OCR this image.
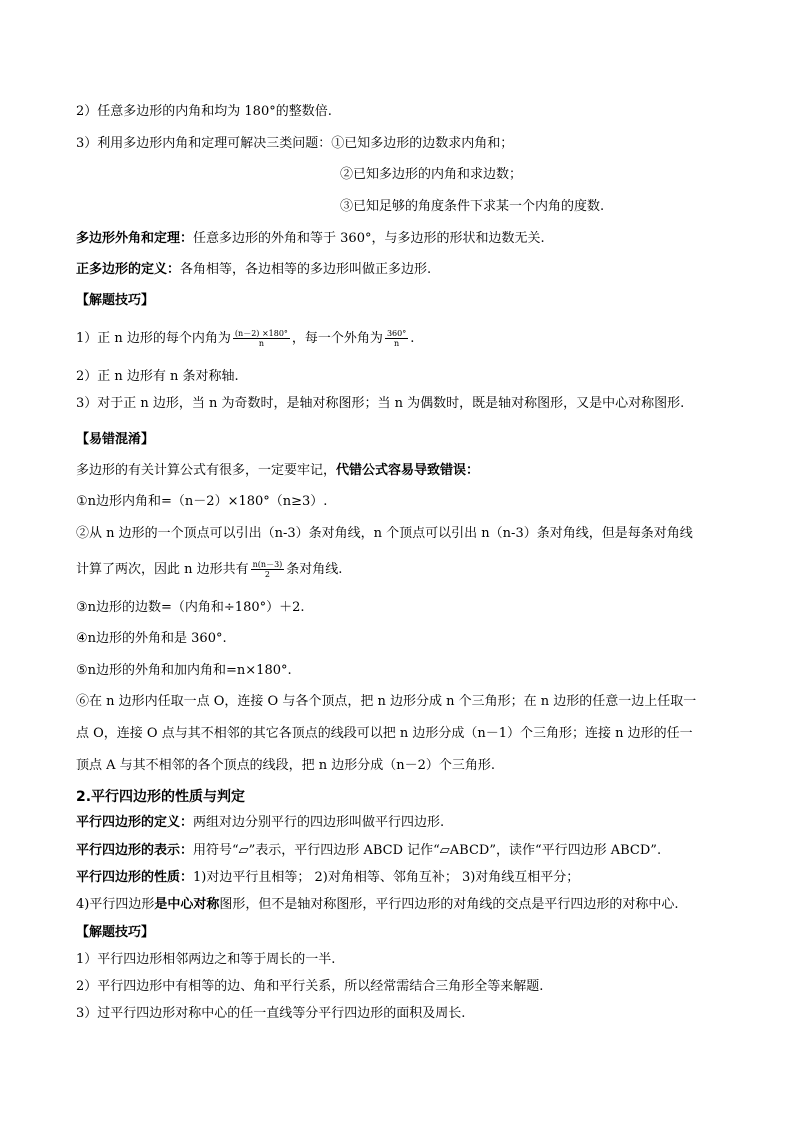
2）任意多边形的内角和均为 180°的整数倍.
3）利用多边形内角和定理可解决三类问题：①已知多边形的边数求内角和；
②已知多边形的内角和求边数；
③已知足够的角度条件下求某一个内角的度数.
多边形外角和定理：任意多边形的外角和等于 360°，与多边形的形状和边数无关.
正多边形的定义：各角相等，各边相等的多边形叫做正多边形.
【解题技巧】
1）正 n 边形的每个内角为 $\frac{(n-2) \times 180^\circ}{n}$ ，每一个外角为 $\frac{360^\circ}{n}$ .
2）正 n 边形有 n 条对称轴.
3）对于正 n 边形，当 n 为奇数时，是轴对称图形；当 n 为偶数时，既是轴对称图形，又是中心对称图形.
【易错混淆】
多边形的有关计算公式有很多，一定要牢记，代错公式容易导致错误：
①n边形内角和=（n－2）×180°（n≥3）.
②从 n 边形的一个顶点可以引出（n-3）条对角线，n 个顶点可以引出 n（n-3）条对角线，但是每条对角线
计算了两次，因此 n 边形共有 $\frac{n(n-3)}{2}$ 条对角线.
③n边形的边数=（内角和÷180°）＋2.
④n边形的外角和是 360°.
⑤n边形的外角和加内角和=n×180°.
⑥在 n 边形内任取一点 O，连接 O 与各个顶点，把 n 边形分成 n 个三角形；在 n 边形的任意一边上任取一
点 O，连接 O 点与其不相邻的其它各顶点的线段可以把 n 边形分成（n－1）个三角形；连接 n 边形的任一
顶点 A 与其不相邻的各个顶点的线段，把 n 边形分成（n－2）个三角形.
2.平行四边形的性质与判定
平行四边形的定义：两组对边分别平行的四边形叫做平行四边形.
平行四边形的表示：用符号“▱”表示，平行四边形 ABCD 记作“▱ABCD”，读作“平行四边形 ABCD”.
平行四边形的性质：1)对边平行且相等； 2)对角相等、邻角互补； 3)对角线互相平分；
4)平行四边形是中心对称图形，但不是轴对称图形，平行四边形的对角线的交点是平行四边形的对称中心.
【解题技巧】
1）平行四边形相邻两边之和等于周长的一半.
2）平行四边形中有相等的边、角和平行关系，所以经常需结合三角形全等来解题.
3）过平行四边形对称中心的任一直线等分平行四边形的面积及周长.
